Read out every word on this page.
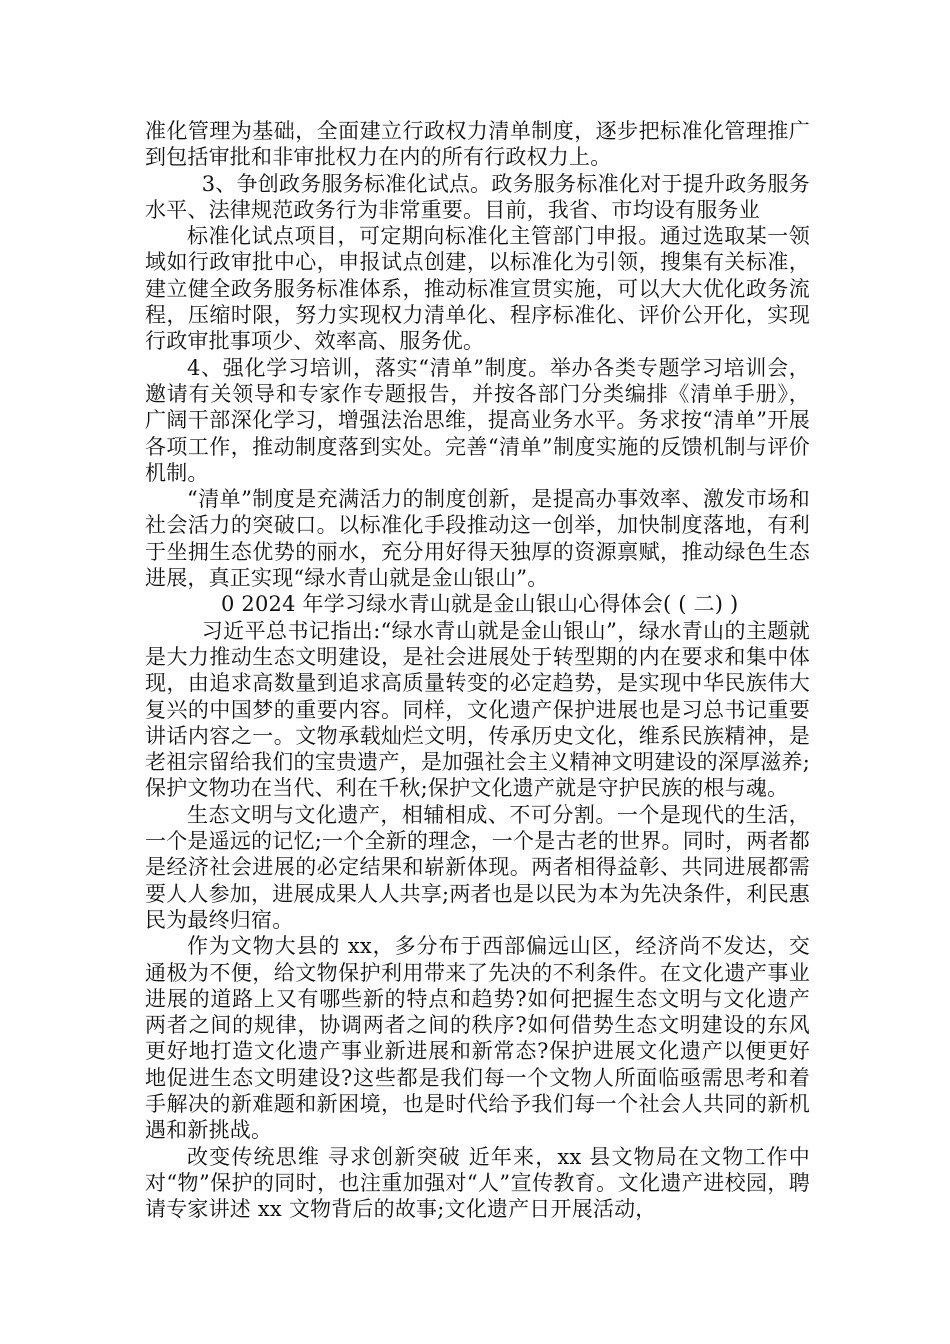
准化管理为基础，全面建立行政权力清单制度，逐步把标准化管理推广到包括审批和非审批权力在内的所有行政权力上。

3、争创政务服务标准化试点。政务服务标准化对于提升政务服务水平、法律规范政务行为非常重要。目前，我省、市均设有服务业

标准化试点项目，可定期向标准化主管部门申报。通过选取某一领域如行政审批中心，申报试点创建，以标准化为引领，搜集有关标准，建立健全政务服务标准体系，推动标准宣贯实施，可以大大优化政务流程，压缩时限，努力实现权力清单化、程序标准化、评价公开化，实现行政审批事项少、效率高、服务优。

4、强化学习培训，落实“清单”制度。举办各类专题学习培训会，邀请有关领导和专家作专题报告，并按各部门分类编排《清单手册》，广阔干部深化学习，增强法治思维，提高业务水平。务求按“清单”开展各项工作，推动制度落到实处。完善“清单”制度实施的反馈机制与评价机制。

“清单”制度是充满活力的制度创新，是提高办事效率、激发市场和社会活力的突破口。以标准化手段推动这一创举，加快制度落地，有利于坐拥生态优势的丽水，充分用好得天独厚的资源禀赋，推动绿色生态进展，真正实现“绿水青山就是金山银山”。

0 2024 年学习绿水青山就是金山银山心得体会( ( 二) )

习近平总书记指出:“绿水青山就是金山银山”，绿水青山的主题就是大力推动生态文明建设，是社会进展处于转型期的内在要求和集中体现，由追求高数量到追求高质量转变的必定趋势，是实现中华民族伟大复兴的中国梦的重要内容。同样，文化遗产保护进展也是习总书记重要讲话内容之一。文物承载灿烂文明，传承历史文化，维系民族精神，是老祖宗留给我们的宝贵遗产，是加强社会主义精神文明建设的深厚滋养;保护文物功在当代、利在千秋;保护文化遗产就是守护民族的根与魂。

生态文明与文化遗产，相辅相成、不可分割。一个是现代的生活，一个是遥远的记忆;一个全新的理念，一个是古老的世界。同时，两者都是经济社会进展的必定结果和崭新体现。两者相得益彰、共同进展都需要人人参加，进展成果人人共享;两者也是以民为本为先决条件，利民惠民为最终归宿。

作为文物大县的 xx，多分布于西部偏远山区，经济尚不发达，交通极为不便，给文物保护利用带来了先决的不利条件。在文化遗产事业进展的道路上又有哪些新的特点和趋势?如何把握生态文明与文化遗产两者之间的规律，协调两者之间的秩序?如何借势生态文明建设的东风更好地打造文化遗产事业新进展和新常态?保护进展文化遗产以便更好地促进生态文明建设?这些都是我们每一个文物人所面临亟需思考和着手解决的新难题和新困境，也是时代给予我们每一个社会人共同的新机遇和新挑战。

改变传统思维 寻求创新突破 近年来，xx 县文物局在文物工作中对“物”保护的同时，也注重加强对“人”宣传教育。文化遗产进校园，聘请专家讲述 xx 文物背后的故事;文化遗产日开展活动，
